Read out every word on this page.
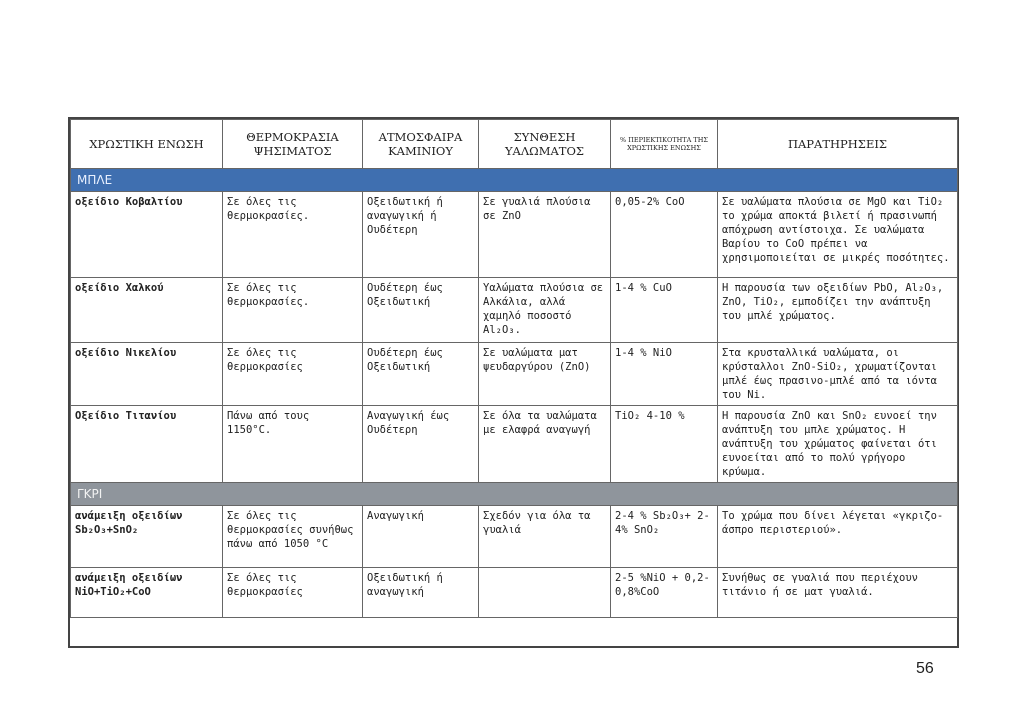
ΧΡΩΣΤΙΚΗ ΕΝΩΣΗ	ΘΕΡΜΟΚΡΑΣΙΑ ΨΗΣΙΜΑΤΟΣ	ΑΤΜΟΣΦΑΙΡΑ ΚΑΜΙΝΙΟΥ	ΣΥΝΘΕΣΗ ΥΑΛΩΜΑΤΟΣ	% ΠΕΡΙΕΚΤΙΚΟΤΗΤΑ ΤΗΣ ΧΡΩΣΤΙΚΗΣ ΕΝΩΣΗΣ	ΠΑΡΑΤΗΡΗΣΕΙΣ
ΜΠΛΕ					
οξείδιο Κοβαλτίου	Σε όλες τις θερμοκρασίες.	Οξειδωτική ή αναγωγική ή Ουδέτερη	Σε γυαλιά πλούσια σε ZnO	0,05-2% CoO	Σε υαλώματα πλούσια σε MgO και TiO₂ το χρώμα αποκτά βιλετί ή πρασινωπή απόχρωση αντίστοιχα. Σε υαλώματα Βαρίου το CoO πρέπει να χρησιμοποιείται σε μικρές ποσότητες.
οξείδιο Χαλκού	Σε όλες τις θερμοκρασίες.	Ουδέτερη έως Οξειδωτική	Υαλώματα πλούσια σε Αλκάλια, αλλά χαμηλό ποσοστό Al₂O₃.	1-4 % CuO	Η παρουσία των οξειδίων PbO, Al₂O₃, ZnO, TiO₂, εμποδίζει την ανάπτυξη του μπλέ χρώματος.
οξείδιο Νικελίου	Σε όλες τις θερμοκρασίες	Ουδέτερη έως Οξειδωτική	Σε υαλώματα ματ ψευδαργύρου (ZnO)	1-4 % NiO	Στα κρυσταλλικά υαλώματα, οι κρύσταλλοι ZnO-SiO₂, χρωματίζονται μπλέ έως πρασινο-μπλέ από τα ιόντα του Ni.
Οξείδιο Τιτανίου	Πάνω από τους 1150°C.	Αναγωγική έως Ουδέτερη	Σε όλα τα υαλώματα με ελαφρά αναγωγή	TiO₂ 4-10 %	Η παρουσία ZnO και SnO₂ ευνοεί την ανάπτυξη του μπλε χρώματος. Η ανάπτυξη του χρώματος φαίνεται ότι ευνοείται από το πολύ γρήγορο κρύωμα.
ΓΚΡΙ					
ανάμειξη οξειδίων Sb₂O₃+SnO₂	Σε όλες τις θερμοκρασίες συνήθως πάνω από 1050 °C	Αναγωγική	Σχεδόν για όλα τα γυαλιά	2-4 % Sb₂O₃+ 2-4% SnO₂	Το χρώμα που δίνει λέγεται «γκριζο-άσπρο περιστεριού».
ανάμειξη οξειδίων NiO+TiO₂+CoO	Σε όλες τις θερμοκρασίες	Οξειδωτική ή αναγωγική		2-5 %NiO + 0,2-0,8%CoO	Συνήθως σε γυαλιά που περιέχουν τιτάνιο ή σε ματ γυαλιά.
56
